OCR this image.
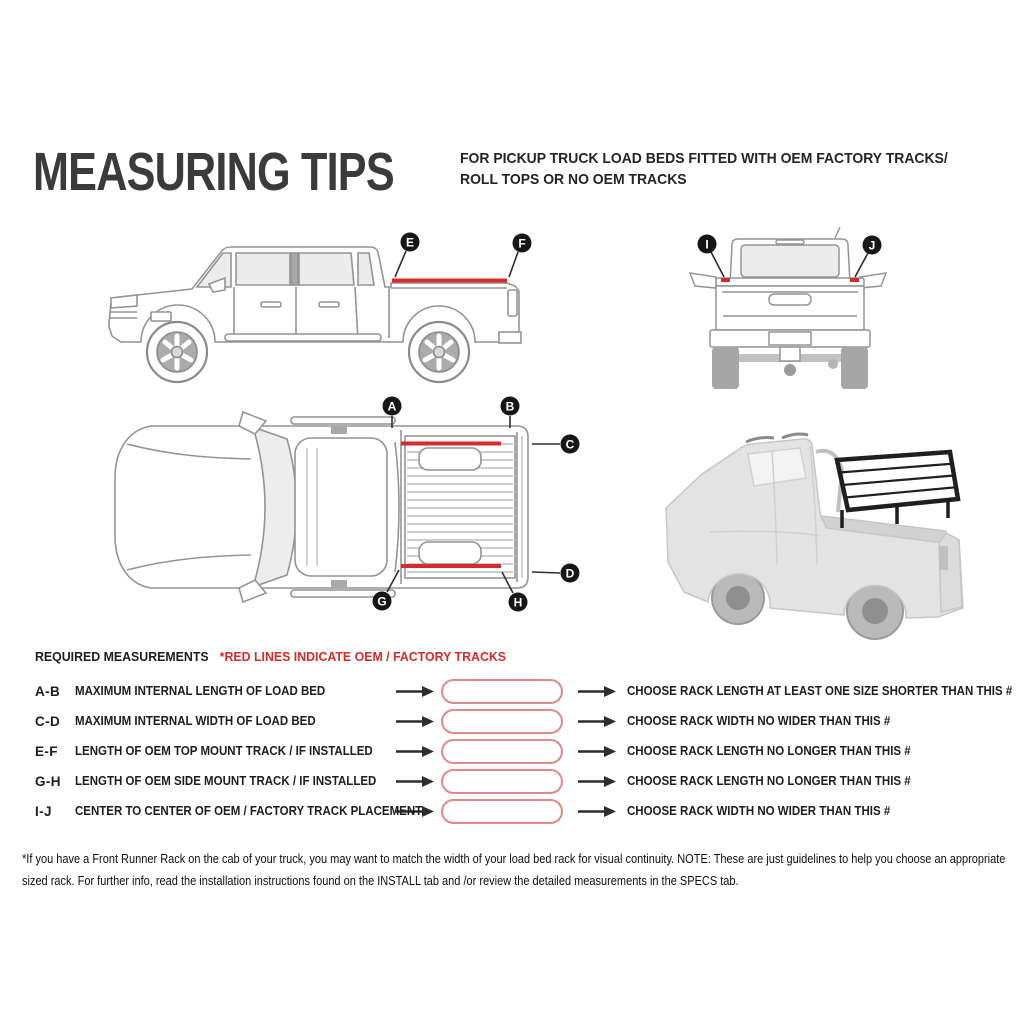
MEASURING TIPS	FOR PICKUP TRUCK LOAD BEDS FITTED WITH OEM FACTORY TRACKS/
ROLL TOPS OR NO OEM TRACKS
E	F	I	J
A	B
C
D
G	H
REQUIRED MEASUREMENTS *RED LINES INDICATE OEM / FACTORY TRACKS
A-B	MAXIMUM INTERNAL LENGTH OF LOAD BED	CHOOSE RACK LENGTH AT LEAST ONE SIZE SHORTER THAN THIS #
C-D	MAXIMUM INTERNAL WIDTH OF LOAD BED	CHOOSE RACK WIDTH NO WIDER THAN THIS #
E-F	LENGTH OF OEM TOP MOUNT TRACK / IF INSTALLED	CHOOSE RACK LENGTH NO LONGER THAN THIS #
G-H	LENGTH OF OEM SIDE MOUNT TRACK / IF INSTALLED	CHOOSE RACK LENGTH NO LONGER THAN THIS #
I-J	CENTER TO CENTER OF OEM / FACTORY TRACK PLACEMENT	CHOOSE RACK WIDTH NO WIDER THAN THIS #
*If you have a Front Runner Rack on the cab of your truck, you may want to match the width of your load bed rack for visual continuity. NOTE: These are just guidelines to help you choose an appropriate sized rack. For further info, read the installation instructions found on the INSTALL tab and /or review the detailed measurements in the SPECS tab.
